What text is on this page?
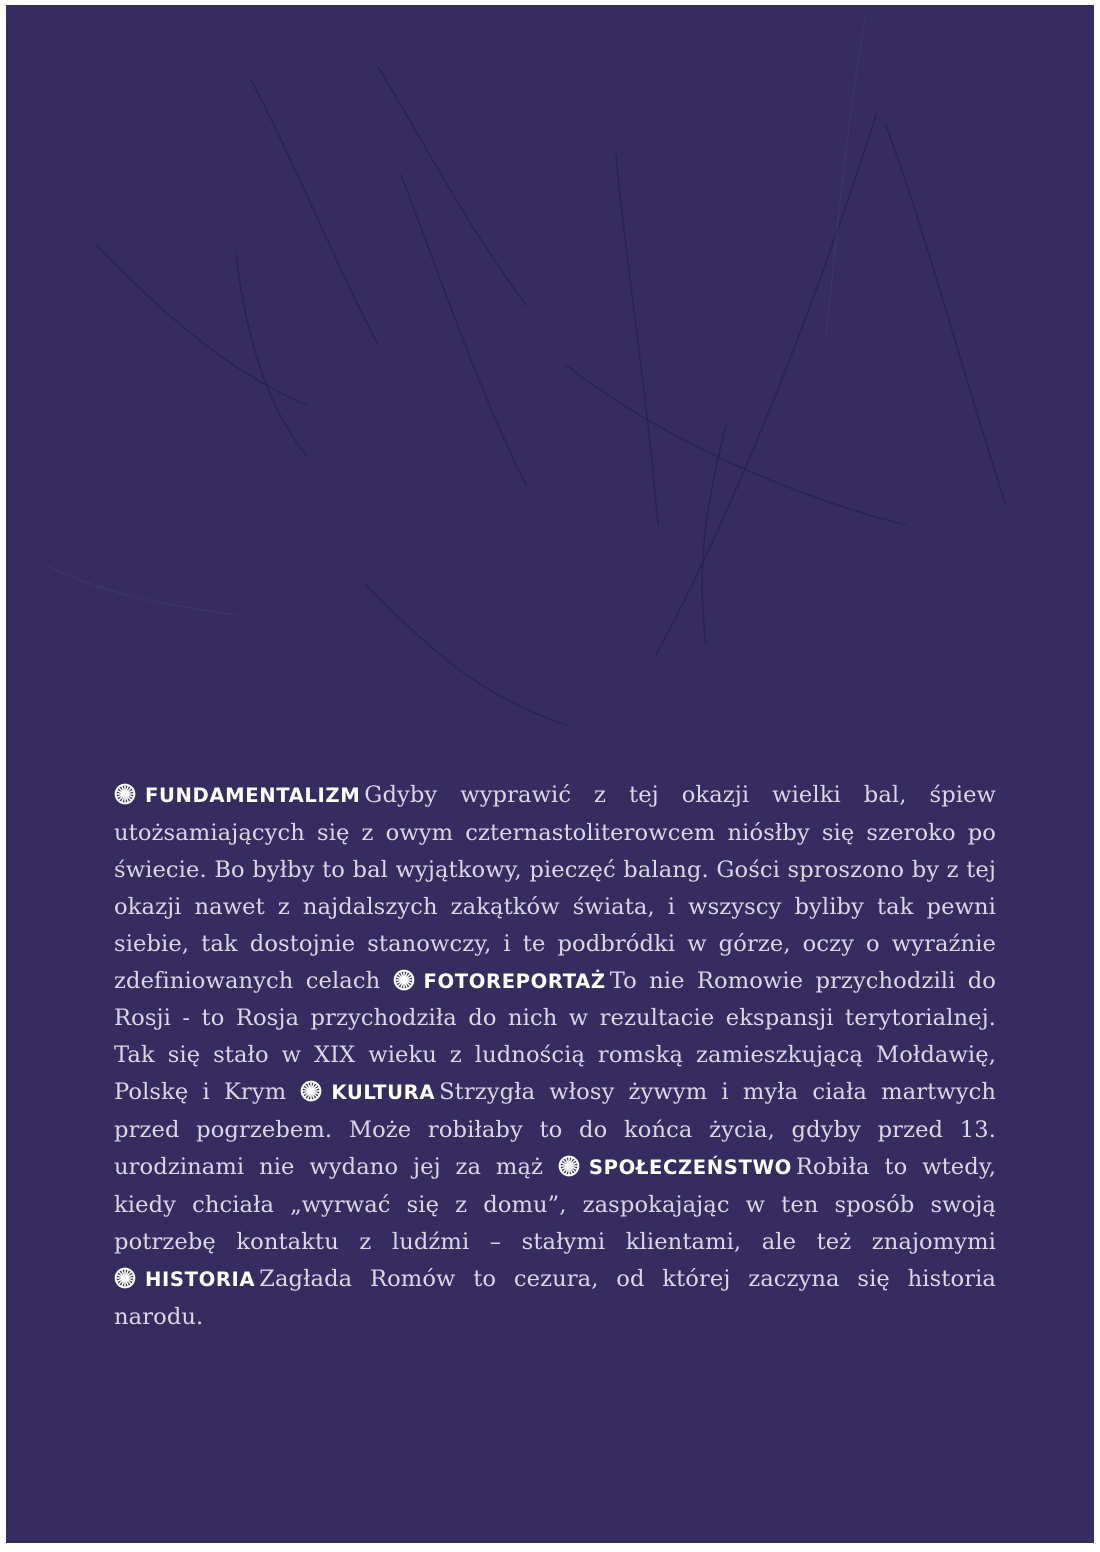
FUNDAMENTALIZM Gdyby wyprawić z tej okazji wielki bal, śpiew utożsamiających się z owym czternastoliterowcem niósłby się szeroko po świecie. Bo byłby to bal wyjątkowy, pieczęć balang. Gości sproszono by z tej okazji nawet z najdalszych zakątków świata, i wszyscy byliby tak pewni siebie, tak dostojnie stanowczy, i te podbródki w górze, oczy o wyraźnie zdefiniowanych celach FOTOREPORTAŻ To nie Romowie przychodzili do Rosji - to Rosja przychodziła do nich w rezultacie ekspansji terytorialnej. Tak się stało w XIX wieku z ludnością romską zamieszkującą Mołdawię, Polskę i Krym KULTURA Strzygła włosy żywym i myła ciała martwych przed pogrzebem. Może robiłaby to do końca życia, gdyby przed 13. urodzinami nie wydano jej za mąż SPOŁECZEŃSTWO Robiła to wtedy, kiedy chciała „wyrwać się z domu”, zaspokajając w ten sposób swoją potrzebę kontaktu z ludźmi – stałymi klientami, ale też znajomymi HISTORIA Zagłada Romów to cezura, od której zaczyna się historia narodu.
